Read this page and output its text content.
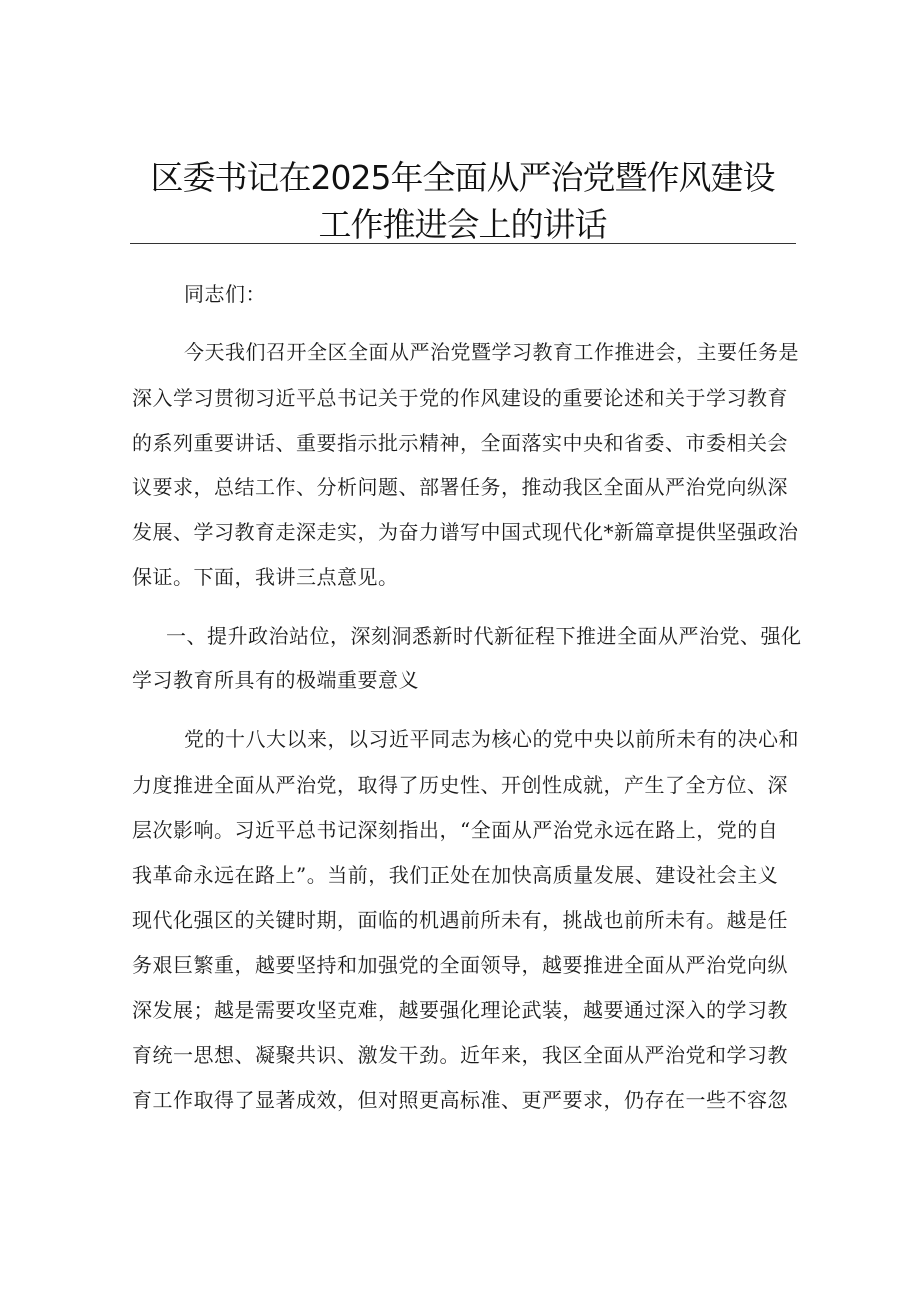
区委书记在2025年全面从严治党暨作风建设
工作推进会上的讲话
同志们：
今天我们召开全区全面从严治党暨学习教育工作推进会，主要任务是
深入学习贯彻习近平总书记关于党的作风建设的重要论述和关于学习教育
的系列重要讲话、重要指示批示精神，全面落实中央和省委、市委相关会
议要求，总结工作、分析问题、部署任务，推动我区全面从严治党向纵深
发展、学习教育走深走实，为奋力谱写中国式现代化*新篇章提供坚强政治
保证。下面，我讲三点意见。
一、提升政治站位，深刻洞悉新时代新征程下推进全面从严治党、强化
学习教育所具有的极端重要意义
党的十八大以来，以习近平同志为核心的党中央以前所未有的决心和
力度推进全面从严治党，取得了历史性、开创性成就，产生了全方位、深
层次影响。习近平总书记深刻指出，“全面从严治党永远在路上，党的自
我革命永远在路上”。当前，我们正处在加快高质量发展、建设社会主义
现代化强区的关键时期，面临的机遇前所未有，挑战也前所未有。越是任
务艰巨繁重，越要坚持和加强党的全面领导，越要推进全面从严治党向纵
深发展；越是需要攻坚克难，越要强化理论武装，越要通过深入的学习教
育统一思想、凝聚共识、激发干劲。近年来，我区全面从严治党和学习教
育工作取得了显著成效，但对照更高标准、更严要求，仍存在一些不容忽
